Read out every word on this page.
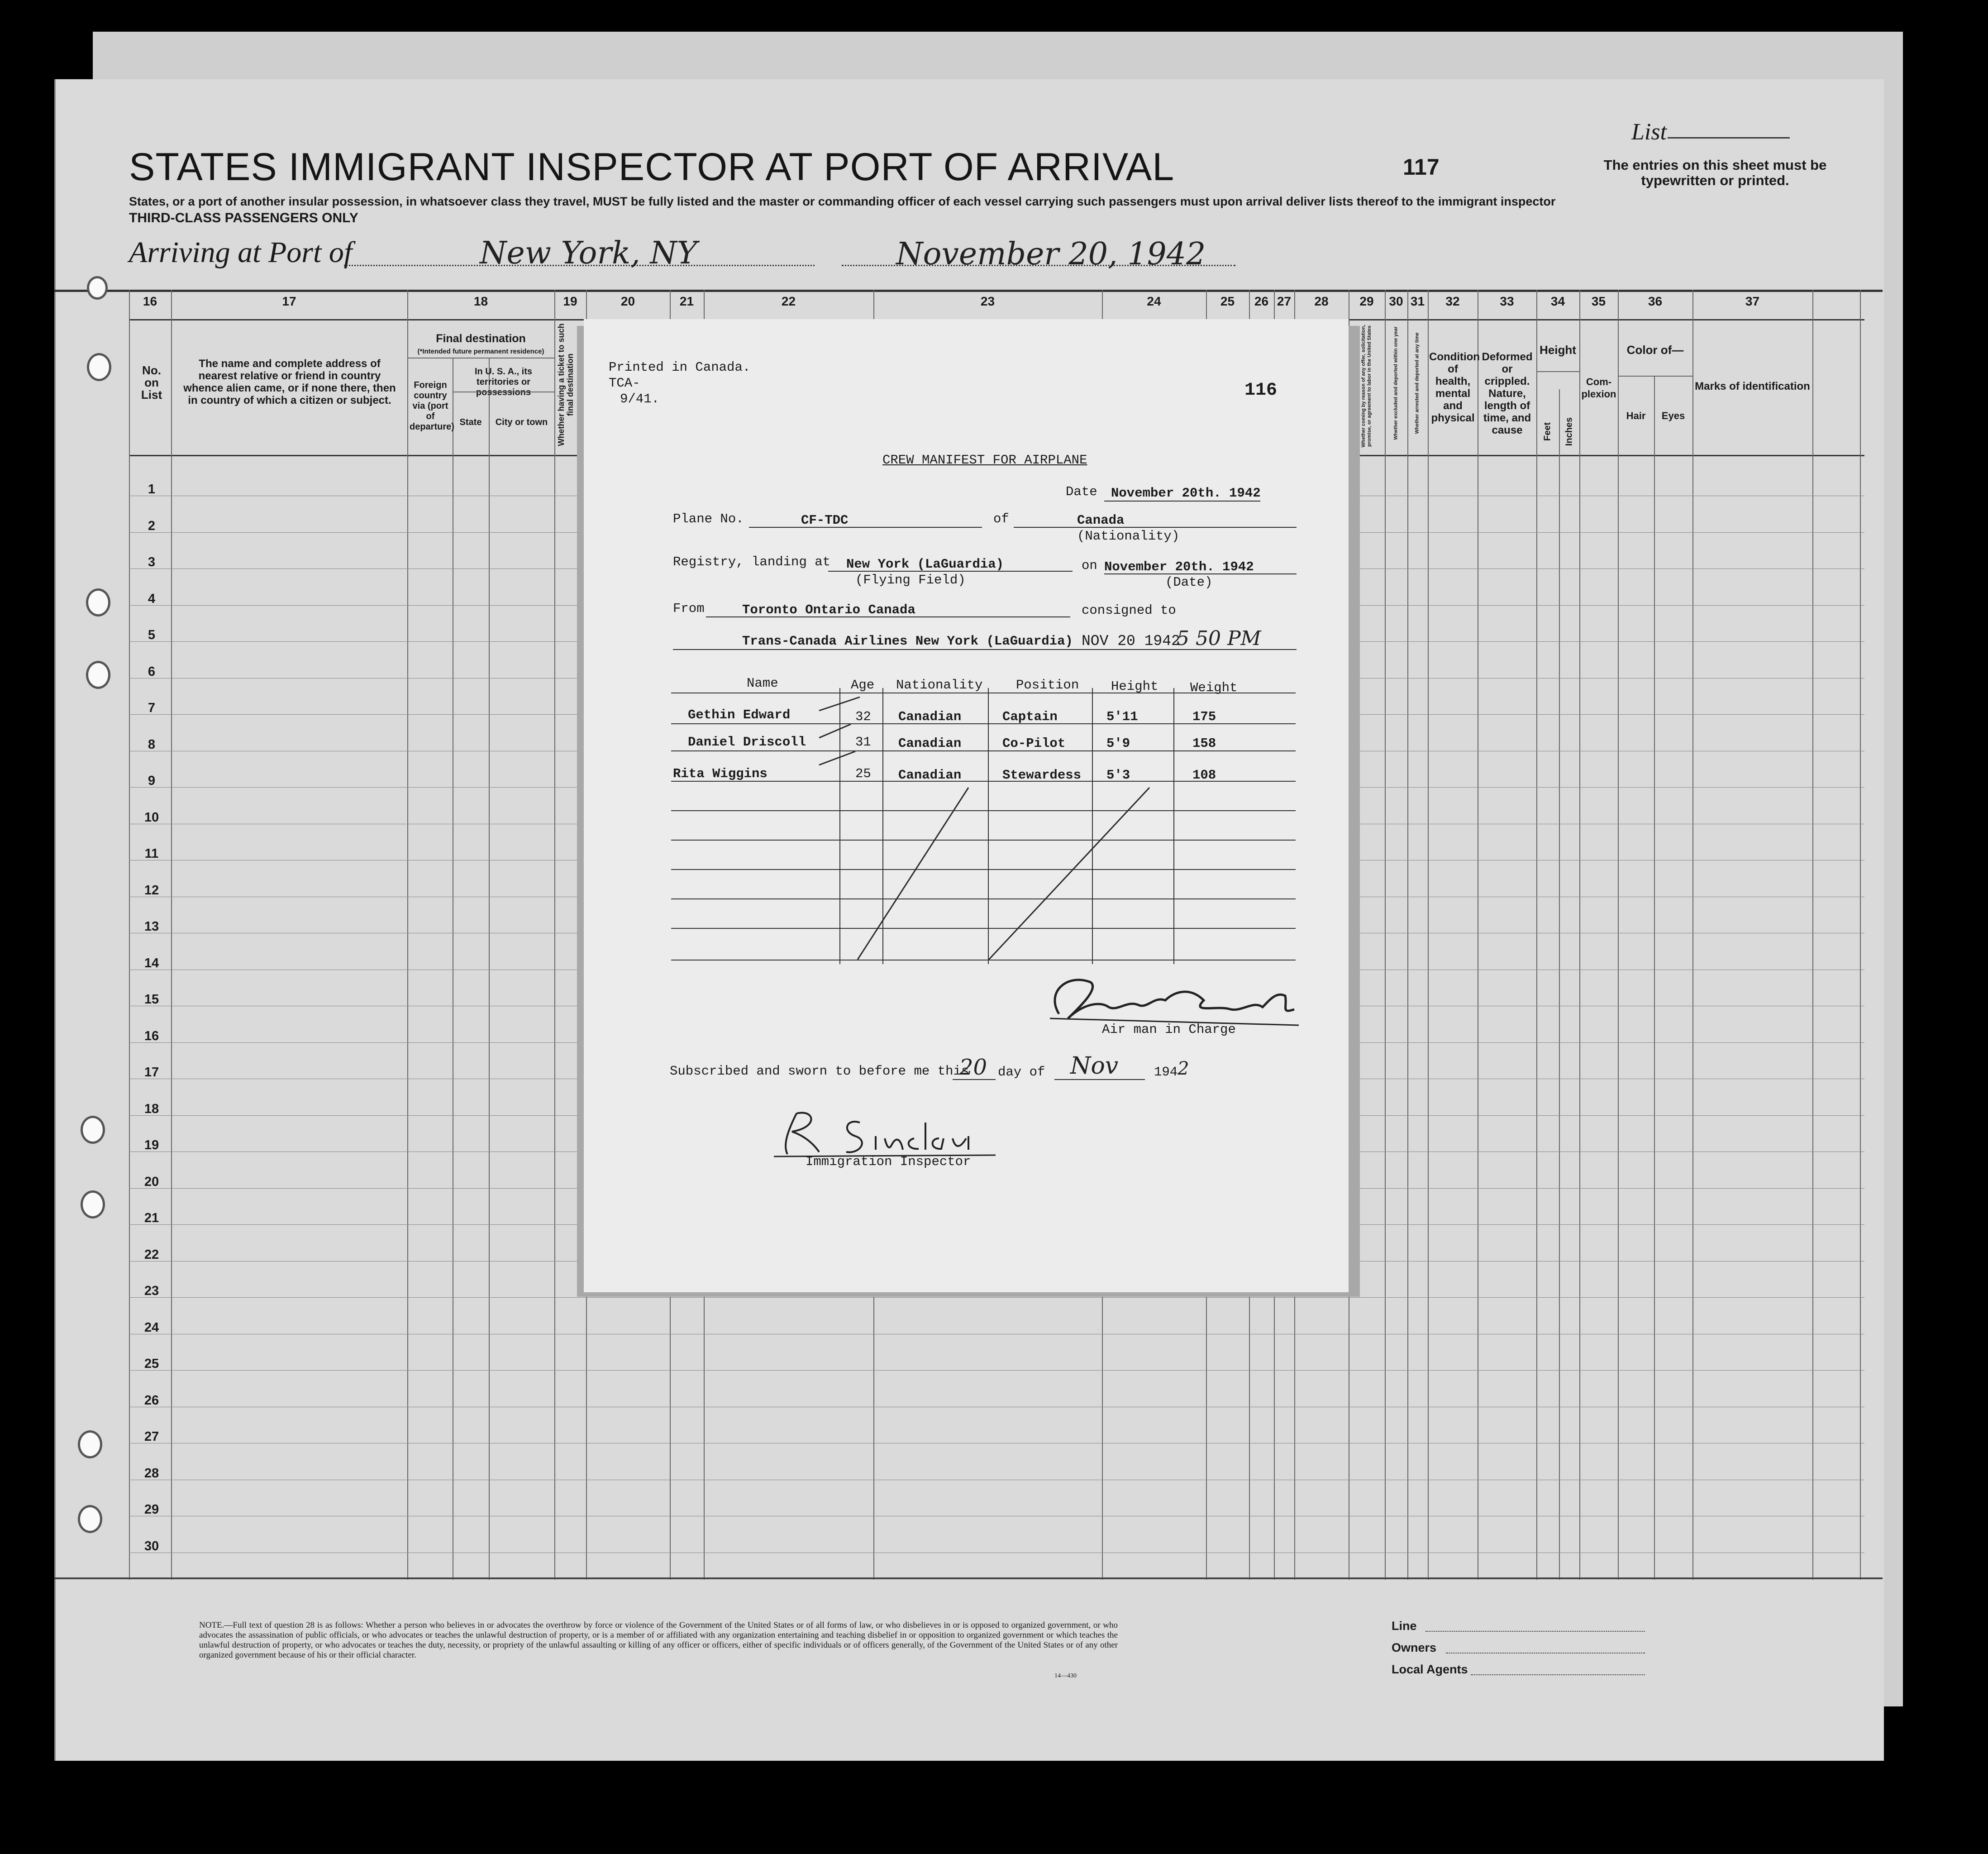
STATES IMMIGRANT INSPECTOR AT PORT OF ARRIVAL	117
List
The entries on this sheet must be typewritten or printed.
States, or a port of another insular possession, in whatsoever class they travel, MUST be fully listed and the master or commanding officer of each vessel carrying such passengers must upon arrival deliver lists thereof to the immigrant inspector
THIRD-CLASS PASSENGERS ONLY
Arriving at Port of	New York, NY	November 20, 1942
16	17	18	19	20	21	22	23	24	25	26 27	28	29	30 31	32	33	34	35	36	37
No. on List
The name and complete address of nearest relative or friend in country whence alien came, or if none there, then in country of which a citizen or subject.
Final destination
(*Intended future permanent residence)
Foreign country via (port of departure)
In U. S. A., its territories or possessions
State	City or town	Whether having a ticket to such final destination	Whether coming by reason of any offer, solicitation, promise, or agreement to labor in the United States	Whether excluded and deported within one year	Whether arrested and deported at any time Condition of health, mental and physical
Deformed or crippled. Nature, length of time, and cause
Height
Feet Inches
Com- plexion
Color of—
Hair	Eyes
Marks of identification
1
2
3
4
5
6
7
8
9
10
11
12
13
14
15
16
17
18
19
20
21
22
23
24
25
26
27
28
29
30
Printed in Canada.
TCA-
9/41.	116
CREW MANIFEST FOR AIRPLANE
Date November 20th. 1942
Plane No.	CF-TDC	of	Canada
(Nationality)
Registry, landing at New York (LaGuardia)
(Flying Field)
on November 20th. 1942
(Date)
From	Toronto Ontario Canada	consigned to
Trans-Canada Airlines New York (LaGuardia) NOV 20 1942
5 50 PM
Name	Age Nationality	Position Height Weight
Gethin Edward	32 Canadian	Captain	5'11	175
Daniel Driscoll	31 Canadian	Co-Pilot	5'9	158
Rita Wiggins	25 Canadian	Stewardess 5'3	108
Air man in Charge
Subscribed and sworn to before me this
20 day of Nov	194 2
Immigration Inspector
NOTE.—Full text of question 28 is as follows: Whether a person who believes in or advocates the overthrow by force or violence of the Government of the United States or of all forms of law, or who disbelieves in or is opposed to organized government, or who advocates the assassination of public officials, or who advocates or teaches the unlawful destruction of property, or is a member of or affiliated with any organization entertaining and teaching disbelief in or opposition to organized government or which teaches the unlawful destruction of property, or who advocates or teaches the duty, necessity, or propriety of the unlawful assaulting or killing of any officer or officers, either of specific individuals or of officers generally, of the Government of the United States or of any other organized government because of his or their official character.
14—430
Line
Owners
Local Agents
